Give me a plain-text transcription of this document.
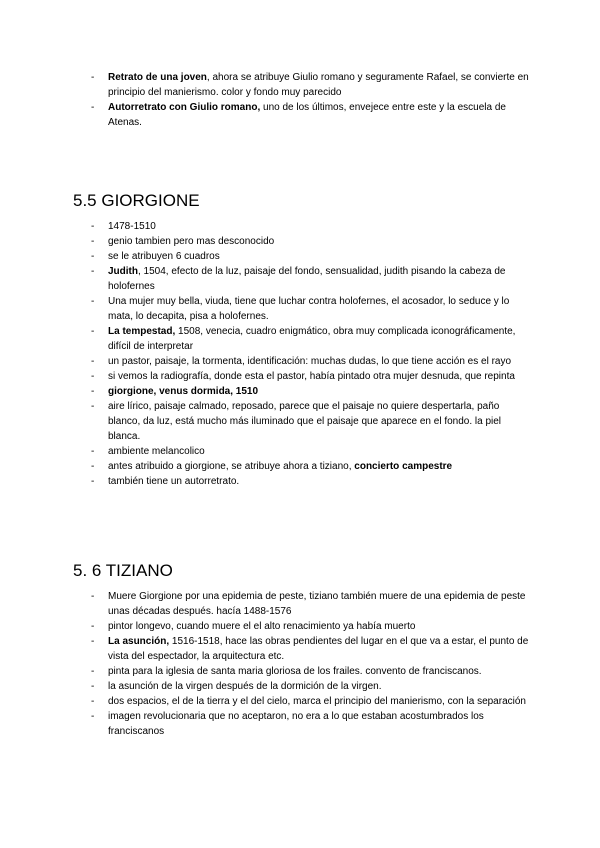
- Retrato de una joven, ahora se atribuye Giulio romano y seguramente Rafael, se convierte en principio del manierismo. color y fondo muy parecido
- Autorretrato con Giulio romano, uno de los últimos, envejece entre este y la escuela de Atenas.
5.5 GIORGIONE
- 1478-1510
- genio tambien pero mas desconocido
- se le atribuyen 6 cuadros
- Judith, 1504, efecto de la luz, paisaje del fondo, sensualidad, judith pisando la cabeza de holofernes
- Una mujer muy bella, viuda, tiene que luchar contra holofernes, el acosador, lo seduce y lo mata, lo decapita, pisa a holofernes.
- La tempestad, 1508, venecia, cuadro enigmático, obra muy complicada iconográficamente, difícil de interpretar
- un pastor, paisaje, la tormenta, identificación: muchas dudas, lo que tiene acción es el rayo
- si vemos la radiografía, donde esta el pastor, había pintado otra mujer desnuda, que repinta
- giorgione, venus dormida, 1510
- aire lírico, paisaje calmado, reposado, parece que el paisaje no quiere despertarla, paño blanco, da luz, está mucho más iluminado que el paisaje que aparece en el fondo. la piel blanca.
- ambiente melancolico
- antes atribuido a giorgione, se atribuye ahora a tiziano, concierto campestre
- también tiene un autorretrato.
5. 6 TIZIANO
- Muere Giorgione por una epidemia de peste, tiziano también muere de una epidemia de peste unas décadas después. hacía 1488-1576
- pintor longevo, cuando muere el el alto renacimiento ya había muerto
- La asunción, 1516-1518, hace las obras pendientes del lugar en el que va a estar, el punto de vista del espectador, la arquitectura etc.
- pinta para la iglesia de santa maria gloriosa de los frailes. convento de franciscanos.
- la asunción de la virgen después de la dormición de la virgen.
- dos espacios, el de la tierra y el del cielo, marca el principio del manierismo, con la separación
- imagen revolucionaria que no aceptaron, no era a lo que estaban acostumbrados los franciscanos
